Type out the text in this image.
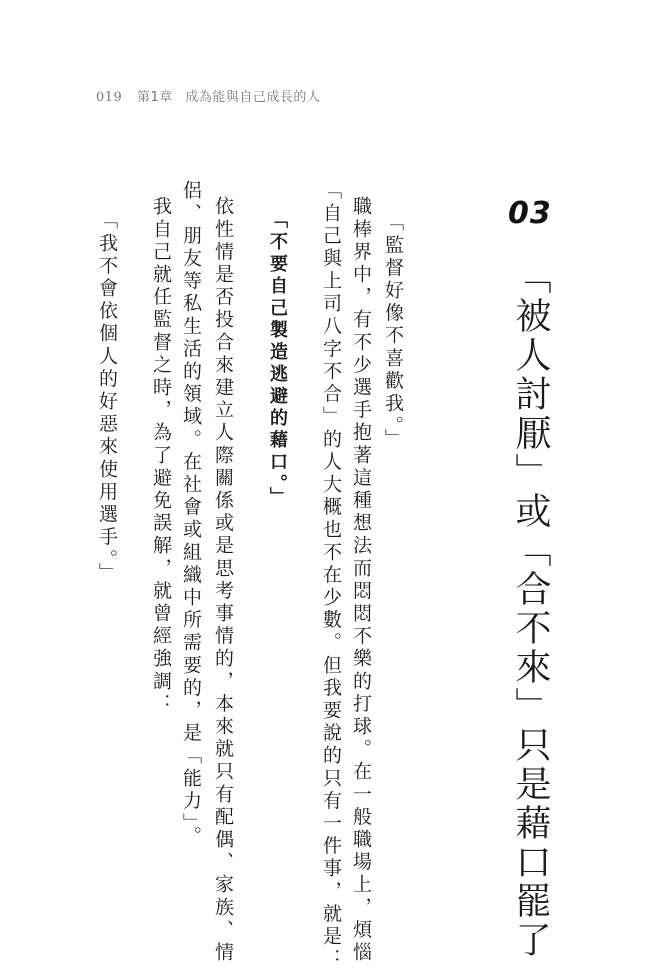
019 第1章 成為能與自己成長的人
03
「被人討厭」或「合不來」只是藉口罷了
「監督好像不喜歡我。」
職棒界中，有不少選手抱著這種想法而悶悶不樂的打球。在一般職場上，煩惱
「自己與上司八字不合」的人大概也不在少數。但我要說的只有一件事，就是：
「不要自己製造逃避的藉口。」
依性情是否投合來建立人際關係或是思考事情的，本來就只有配偶、家族、情
侶、朋友等私生活的領域。在社會或組織中所需要的，是「能力」。
我自己就任監督之時，為了避免誤解，就曾經強調：
「我不會依個人的好惡來使用選手。」
